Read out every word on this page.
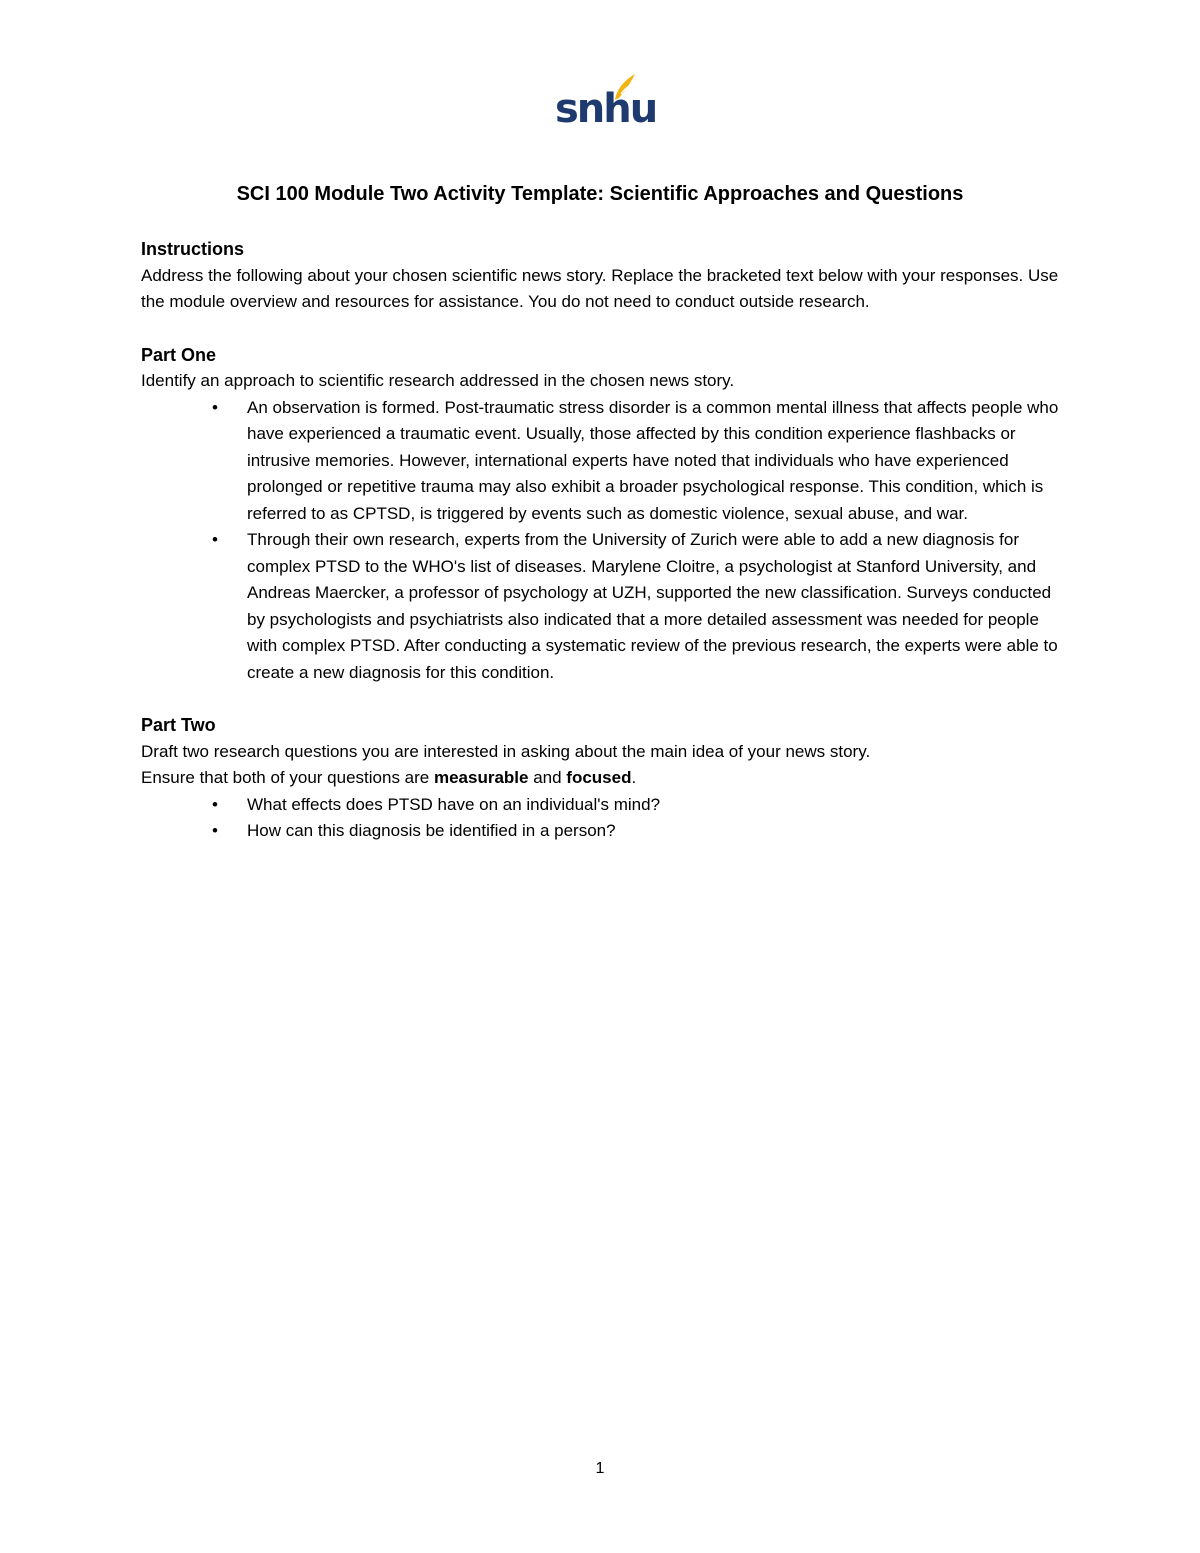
snhu
SCI 100 Module Two Activity Template: Scientific Approaches and Questions
Instructions
Address the following about your chosen scientific news story. Replace the bracketed text below with your responses. Use the module overview and resources for assistance. You do not need to conduct outside research.
Part One
Identify an approach to scientific research addressed in the chosen news story.
• An observation is formed. Post-traumatic stress disorder is a common mental illness that affects people who have experienced a traumatic event. Usually, those affected by this condition experience flashbacks or intrusive memories. However, international experts have noted that individuals who have experienced prolonged or repetitive trauma may also exhibit a broader psychological response. This condition, which is referred to as CPTSD, is triggered by events such as domestic violence, sexual abuse, and war.
• Through their own research, experts from the University of Zurich were able to add a new diagnosis for complex PTSD to the WHO's list of diseases. Marylene Cloitre, a psychologist at Stanford University, and Andreas Maercker, a professor of psychology at UZH, supported the new classification. Surveys conducted by psychologists and psychiatrists also indicated that a more detailed assessment was needed for people with complex PTSD. After conducting a systematic review of the previous research, the experts were able to create a new diagnosis for this condition.
Part Two
Draft two research questions you are interested in asking about the main idea of your news story.
Ensure that both of your questions are measurable and focused.
• What effects does PTSD have on an individual's mind?
• How can this diagnosis be identified in a person?
1
